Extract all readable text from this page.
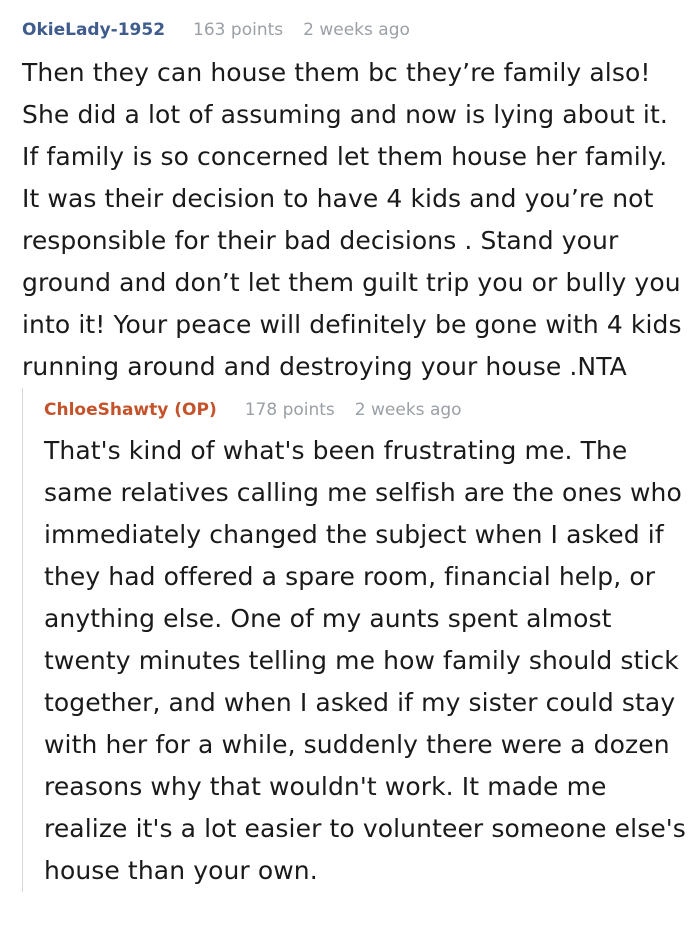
OkieLady-1952 163 points 2 weeks ago
Then they can house them bc they’re family also! She did a lot of assuming and now is lying about it. If family is so concerned let them house her family. It was their decision to have 4 kids and you’re not responsible for their bad decisions . Stand your ground and don’t let them guilt trip you or bully you into it! Your peace will definitely be gone with 4 kids running around and destroying your house .NTA
ChloeShawty (OP) 178 points 2 weeks ago
That's kind of what's been frustrating me. The same relatives calling me selfish are the ones who immediately changed the subject when I asked if they had offered a spare room, financial help, or anything else. One of my aunts spent almost twenty minutes telling me how family should stick together, and when I asked if my sister could stay with her for a while, suddenly there were a dozen reasons why that wouldn't work. It made me realize it's a lot easier to volunteer someone else's house than your own.
